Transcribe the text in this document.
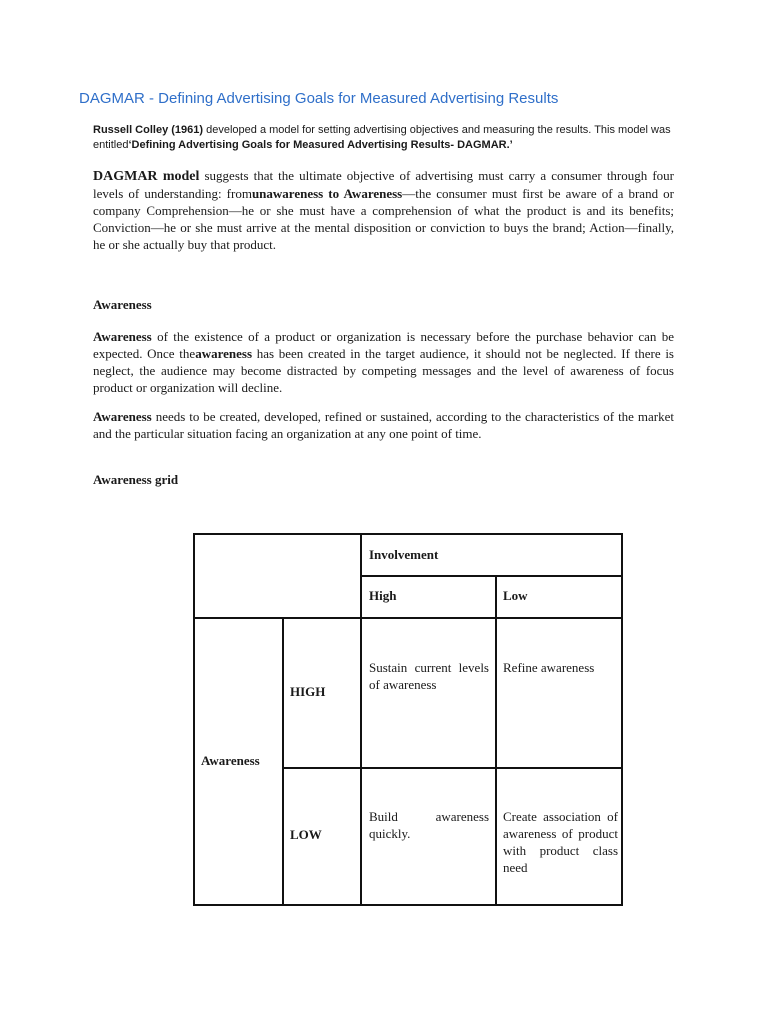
DAGMAR - Defining Advertising Goals for Measured Advertising Results
Russell Colley (1961) developed a model for setting advertising objectives and measuring the results. This model was entitled‘Defining Advertising Goals for Measured Advertising Results- DAGMAR.’
DAGMAR model suggests that the ultimate objective of advertising must carry a consumer through four levels of understanding: fromunawareness to Awareness—the consumer must first be aware of a brand or company Comprehension—he or she must have a comprehension of what the product is and its benefits; Conviction—he or she must arrive at the mental disposition or conviction to buys the brand; Action—finally, he or she actually buy that product.
Awareness
Awareness of the existence of a product or organization is necessary before the purchase behavior can be expected. Once theawareness has been created in the target audience, it should not be neglected. If there is neglect, the audience may become distracted by competing messages and the level of awareness of focus product or organization will decline.
Awareness needs to be created, developed, refined or sustained, according to the characteristics of the market and the particular situation facing an organization at any one point of time.
Awareness grid
Involvement
High	Low
Awareness
HIGH
LOW
Sustain current levels of awareness
Refine awareness
Build awareness quickly.
Create association of awareness of product with product class need
